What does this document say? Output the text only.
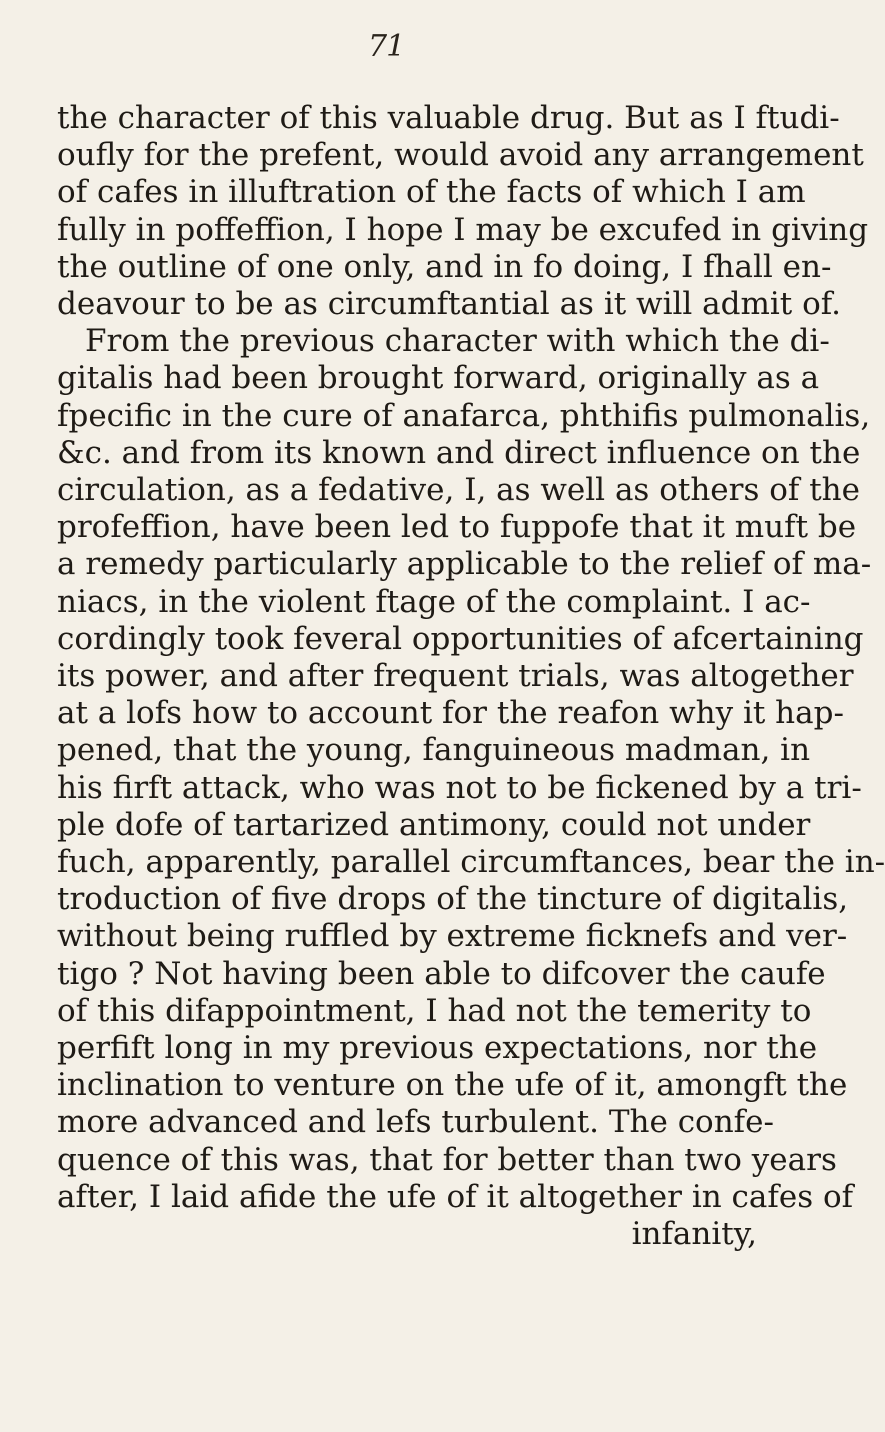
71
the character of this valuable drug. But as I ftudi-
oufly for the prefent, would avoid any arrangement
of cafes in illuftration of the facts of which I am
fully in poffeffion, I hope I may be excufed in giving
the outline of one only, and in fo doing, I fhall en-
deavour to be as circumftantial as it will admit of.
From the previous character with which the di-
gitalis had been brought forward, originally as a
fpecific in the cure of anafarca, phthifis pulmonalis,
&c. and from its known and direct influence on the
circulation, as a fedative, I, as well as others of the
profeffion, have been led to fuppofe that it muft be
a remedy particularly applicable to the relief of ma-
niacs, in the violent ftage of the complaint. I ac-
cordingly took feveral opportunities of afcertaining
its power, and after frequent trials, was altogether
at a lofs how to account for the reafon why it hap-
pened, that the young, fanguineous madman, in
his firft attack, who was not to be fickened by a tri-
ple dofe of tartarized antimony, could not under
fuch, apparently, parallel circumftances, bear the in-
troduction of five drops of the tincture of digitalis,
without being ruffled by extreme ficknefs and ver-
tigo ? Not having been able to difcover the caufe
of this difappointment, I had not the temerity to
perfift long in my previous expectations, nor the
inclination to venture on the ufe of it, amongft the
more advanced and lefs turbulent. The confe-
quence of this was, that for better than two years
after, I laid afide the ufe of it altogether in cafes of
infanity,
